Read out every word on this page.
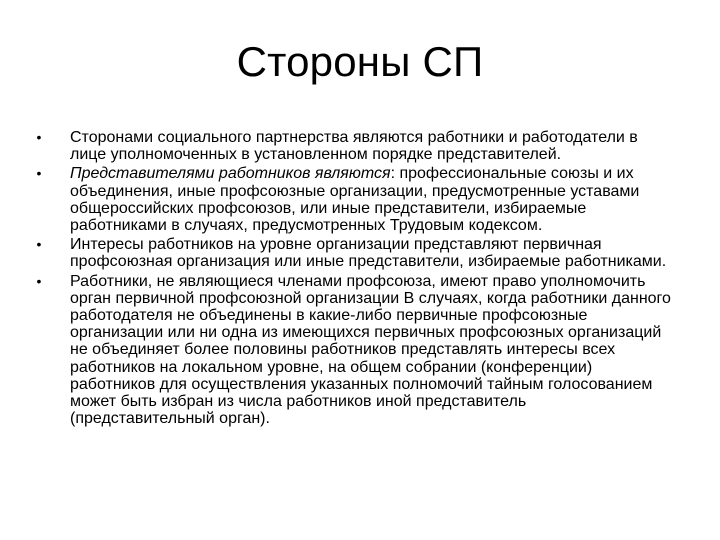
Стороны СП
• Сторонами социального партнерства являются работники и работодатели в лице уполномоченных в установленном порядке представителей.
• Представителями работников являются: профессиональные союзы и их объединения, иные профсоюзные организации, предусмотренные уставами общероссийских профсоюзов, или иные представители, избираемые работниками в случаях, предусмотренных Трудовым кодексом.
• Интересы работников на уровне организации представляют первичная профсоюзная организация или иные представители, избираемые работниками.
• Работники, не являющиеся членами профсоюза, имеют право уполномочить орган первичной профсоюзной организации В случаях, когда работники данного работодателя не объединены в какие-либо первичные профсоюзные организации или ни одна из имеющихся первичных профсоюзных организаций не объединяет более половины работников представлять интересы всех работников на локальном уровне, на общем собрании (конференции) работников для осуществления указанных полномочий тайным голосованием может быть избран из числа работников иной представитель (представительный орган).
